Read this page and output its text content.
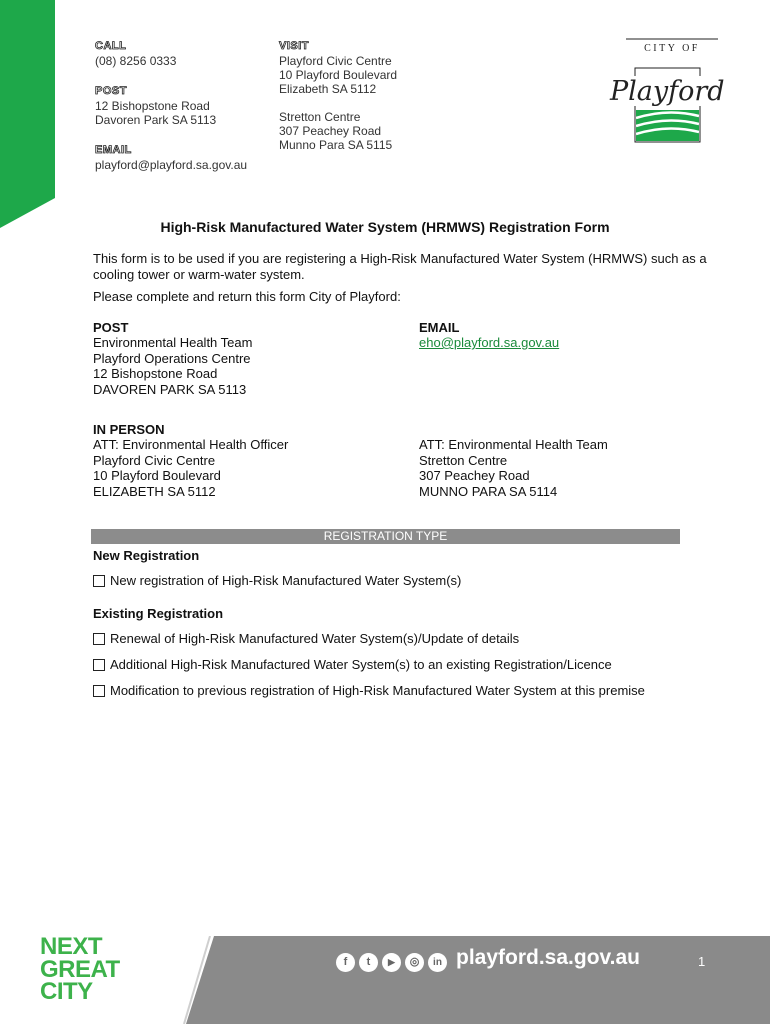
CALL
(08) 8256 0333
POST
12 Bishopstone Road
Davoren Park SA 5113
EMAIL
playford@playford.sa.gov.au
VISIT
Playford Civic Centre
10 Playford Boulevard
Elizabeth SA 5112
Stretton Centre
307 Peachey Road
Munno Para SA 5115
CITY OF
Playford
High-Risk Manufactured Water System (HRMWS) Registration Form
This form is to be used if you are registering a High-Risk Manufactured Water System (HRMWS) such as a cooling tower or warm-water system.
Please complete and return this form City of Playford:
POST
Environmental Health Team
Playford Operations Centre
12 Bishopstone Road
DAVOREN PARK SA 5113
EMAIL
eho@playford.sa.gov.au
IN PERSON
ATT: Environmental Health Officer
Playford Civic Centre
10 Playford Boulevard
ELIZABETH SA 5112
ATT: Environmental Health Team
Stretton Centre
307 Peachey Road
MUNNO PARA SA 5114
REGISTRATION TYPE
New Registration
New registration of High-Risk Manufactured Water System(s)
Existing Registration
Renewal of High-Risk Manufactured Water System(s)/Update of details
Additional High-Risk Manufactured Water System(s) to an existing Registration/Licence
Modification to previous registration of High-Risk Manufactured Water System at this premise
NEXT
GREAT
CITY
f	t	▶	◎	in playford.sa.gov.au	1
